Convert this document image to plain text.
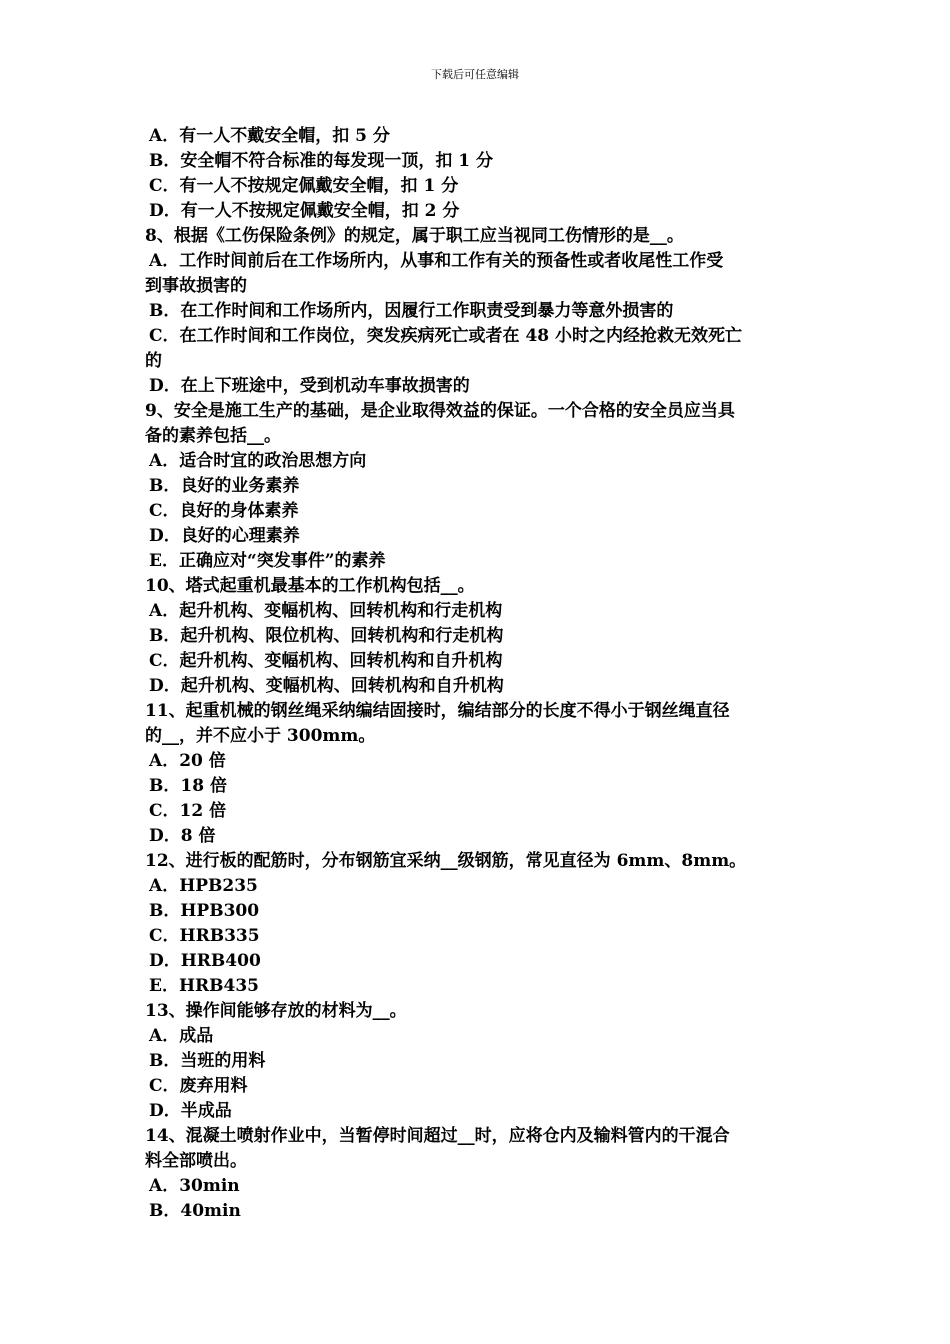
下载后可任意编辑
A．有一人不戴安全帽，扣 5 分
B．安全帽不符合标准的每发现一顶，扣 1 分
C．有一人不按规定佩戴安全帽，扣 1 分
D．有一人不按规定佩戴安全帽，扣 2 分
8、根据《工伤保险条例》的规定，属于职工应当视同工伤情形的是__。
A．工作时间前后在工作场所内，从事和工作有关的预备性或者收尾性工作受
到事故损害的
B．在工作时间和工作场所内，因履行工作职责受到暴力等意外损害的
C．在工作时间和工作岗位，突发疾病死亡或者在 48 小时之内经抢救无效死亡
的
D．在上下班途中，受到机动车事故损害的
9、安全是施工生产的基础，是企业取得效益的保证。一个合格的安全员应当具
备的素养包括__。
A．适合时宜的政治思想方向
B．良好的业务素养
C．良好的身体素养
D．良好的心理素养
E．正确应对“突发事件”的素养
10、塔式起重机最基本的工作机构包括__。
A．起升机构、变幅机构、回转机构和行走机构
B．起升机构、限位机构、回转机构和行走机构
C．起升机构、变幅机构、回转机构和自升机构
D．起升机构、变幅机构、回转机构和自升机构
11、起重机械的钢丝绳采纳编结固接时，编结部分的长度不得小于钢丝绳直径
的__，并不应小于 300mm。
A．20 倍
B．18 倍
C．12 倍
D．8 倍
12、进行板的配筋时，分布钢筋宜采纳__级钢筋，常见直径为 6mm、8mm。
A．HPB235
B．HPB300
C．HRB335
D．HRB400
E．HRB435
13、操作间能够存放的材料为__。
A．成品
B．当班的用料
C．废弃用料
D．半成品
14、混凝土喷射作业中，当暂停时间超过__时，应将仓内及输料管内的干混合
料全部喷出。
A．30min
B．40min
